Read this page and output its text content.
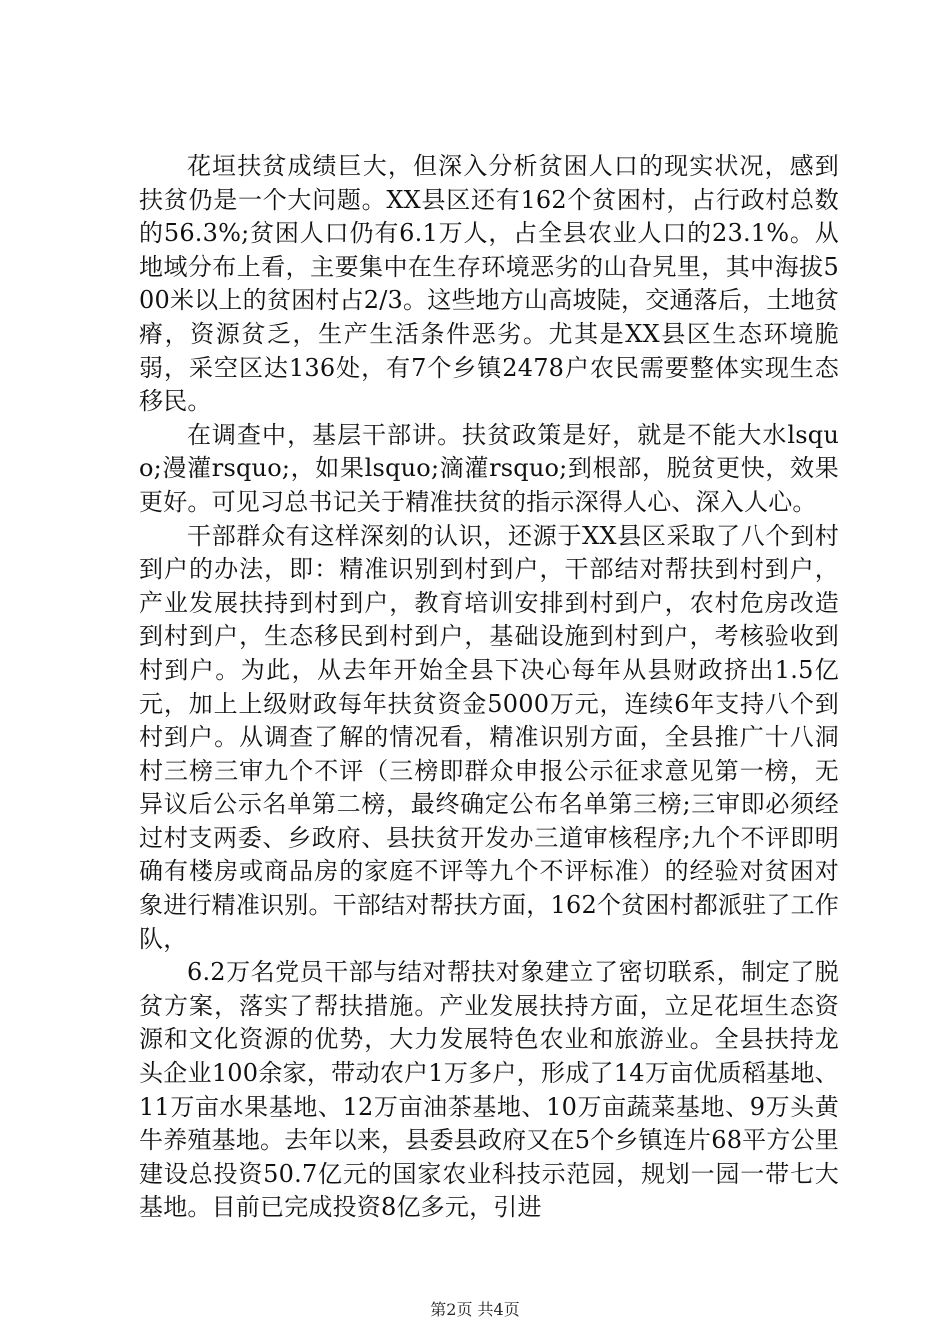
花垣扶贫成绩巨大，但深入分析贫困人口的现实状况，感到扶贫仍是一个大问题。XX县区还有162个贫困村，占行政村总数的56.3%;贫困人口仍有6.1万人，占全县农业人口的23.1%。从地域分布上看，主要集中在生存环境恶劣的山旮旯里，其中海拔500米以上的贫困村占2/3。这些地方山高坡陡，交通落后，土地贫瘠，资源贫乏，生产生活条件恶劣。尤其是XX县区生态环境脆弱，采空区达136处，有7个乡镇2478户农民需要整体实现生态移民。

在调查中，基层干部讲。扶贫政策是好，就是不能大水lsquo;漫灌rsquo;，如果lsquo;滴灌rsquo;到根部，脱贫更快，效果更好。可见习总书记关于精准扶贫的指示深得人心、深入人心。

干部群众有这样深刻的认识，还源于XX县区采取了八个到村到户的办法，即：精准识别到村到户，干部结对帮扶到村到户，产业发展扶持到村到户，教育培训安排到村到户，农村危房改造到村到户，生态移民到村到户，基础设施到村到户，考核验收到村到户。为此，从去年开始全县下决心每年从县财政挤出1.5亿元，加上上级财政每年扶贫资金5000万元，连续6年支持八个到村到户。从调查了解的情况看，精准识别方面，全县推广十八洞村三榜三审九个不评（三榜即群众申报公示征求意见第一榜，无异议后公示名单第二榜，最终确定公布名单第三榜;三审即必须经过村支两委、乡政府、县扶贫开发办三道审核程序;九个不评即明确有楼房或商品房的家庭不评等九个不评标准）的经验对贫困对象进行精准识别。干部结对帮扶方面，162个贫困村都派驻了工作队，

6.2万名党员干部与结对帮扶对象建立了密切联系，制定了脱贫方案，落实了帮扶措施。产业发展扶持方面，立足花垣生态资源和文化资源的优势，大力发展特色农业和旅游业。全县扶持龙头企业100余家，带动农户1万多户，形成了14万亩优质稻基地、11万亩水果基地、12万亩油茶基地、10万亩蔬菜基地、9万头黄牛养殖基地。去年以来，县委县政府又在5个乡镇连片68平方公里建设总投资50.7亿元的国家农业科技示范园，规划一园一带七大基地。目前已完成投资8亿多元，引进

第2页 共4页
